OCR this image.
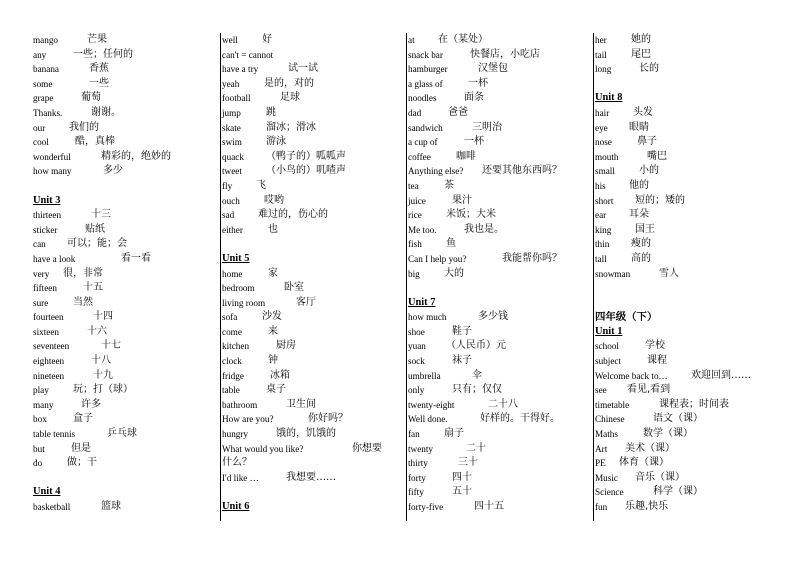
mango	芒果
any	一些；任何的
banana	香蕉
some	一些
grape	葡萄
Thanks.	谢谢。
our 我们的
cool	酷，真棒
wonderful	精彩的，绝妙的
how many	多少
Unit 3
thirteen	十三
sticker	贴纸
can 可以；能；会
have a look	看一看
very 很，非常
fifteen	十五
sure 当然
fourteen	十四
sixteen	十六
seventeen	十七
eighteen	十八
nineteen	十九
play 玩；打（球）
many	许多
box	盒子
table tennis	乒乓球
but	但是
do 做；干
Unit 4
basketball	篮球
well 好
can't = cannot
have a try	试一试
yeah 是的，对的
football	足球
jump	跳
skate	溜冰；滑冰
swim 游泳
quack （鸭子的）呱呱声
tweet （小鸟的）叽喳声
fly 飞
ouch 哎哟
sad 难过的，伤心的
either	也
Unit 5
home	家
bedroom	卧室
living room	客厅
sofa 沙发
come	来
kitchen	厨房
clock	钟
fridge	冰箱
table	桌子
bathroom	卫生间
How are you?	你好吗？
hungry	饿的，饥饿的
What would you like?	你想要
什么？
I'd like …	我想要……
Unit 6
at 在（某处）
snack bar	快餐店，小吃店
hamburger	汉堡包
a glass of	一杯
noodles	面条
dad	爸爸
sandwich	三明治
a cup of	一杯
coffee	咖啡
Anything else? 还要其他东西吗？
tea	茶
juice	果汁
rice 米饭；大米
Me too.	我也是。
fish 鱼
Can I help you?	我能帮你吗？
big 大的
Unit 7
how much	多少钱
shoe	鞋子
yuan （人民币）元
sock	袜子
umbrella	伞
only	只有；仅仅
twenty-eight	二十八
Well done.	好样的。干得好。
fan 扇子
twenty	二十
thirty	三十
forty	四十
fifty	五十
forty-five	四十五
her 她的
tail 尾巴
long	长的
Unit 8
hair 头发
eye 眼睛
nose	鼻子
mouth	嘴巴
small 小的
his 他的
short 短的；矮的
ear 耳朵
king 国王
thin 瘦的
tall 高的
snowman	雪人
四年级（下）
Unit 1
school	学校
subject	课程
Welcome back to… 欢迎回到……
see 看见,看到
timetable	课程表；时间表
Chinese	语文（课）
Maths	数学（课）
Art 美术（课）
PE 体育（课）
Music 音乐（课）
Science	科学（课）
fun 乐趣,快乐
